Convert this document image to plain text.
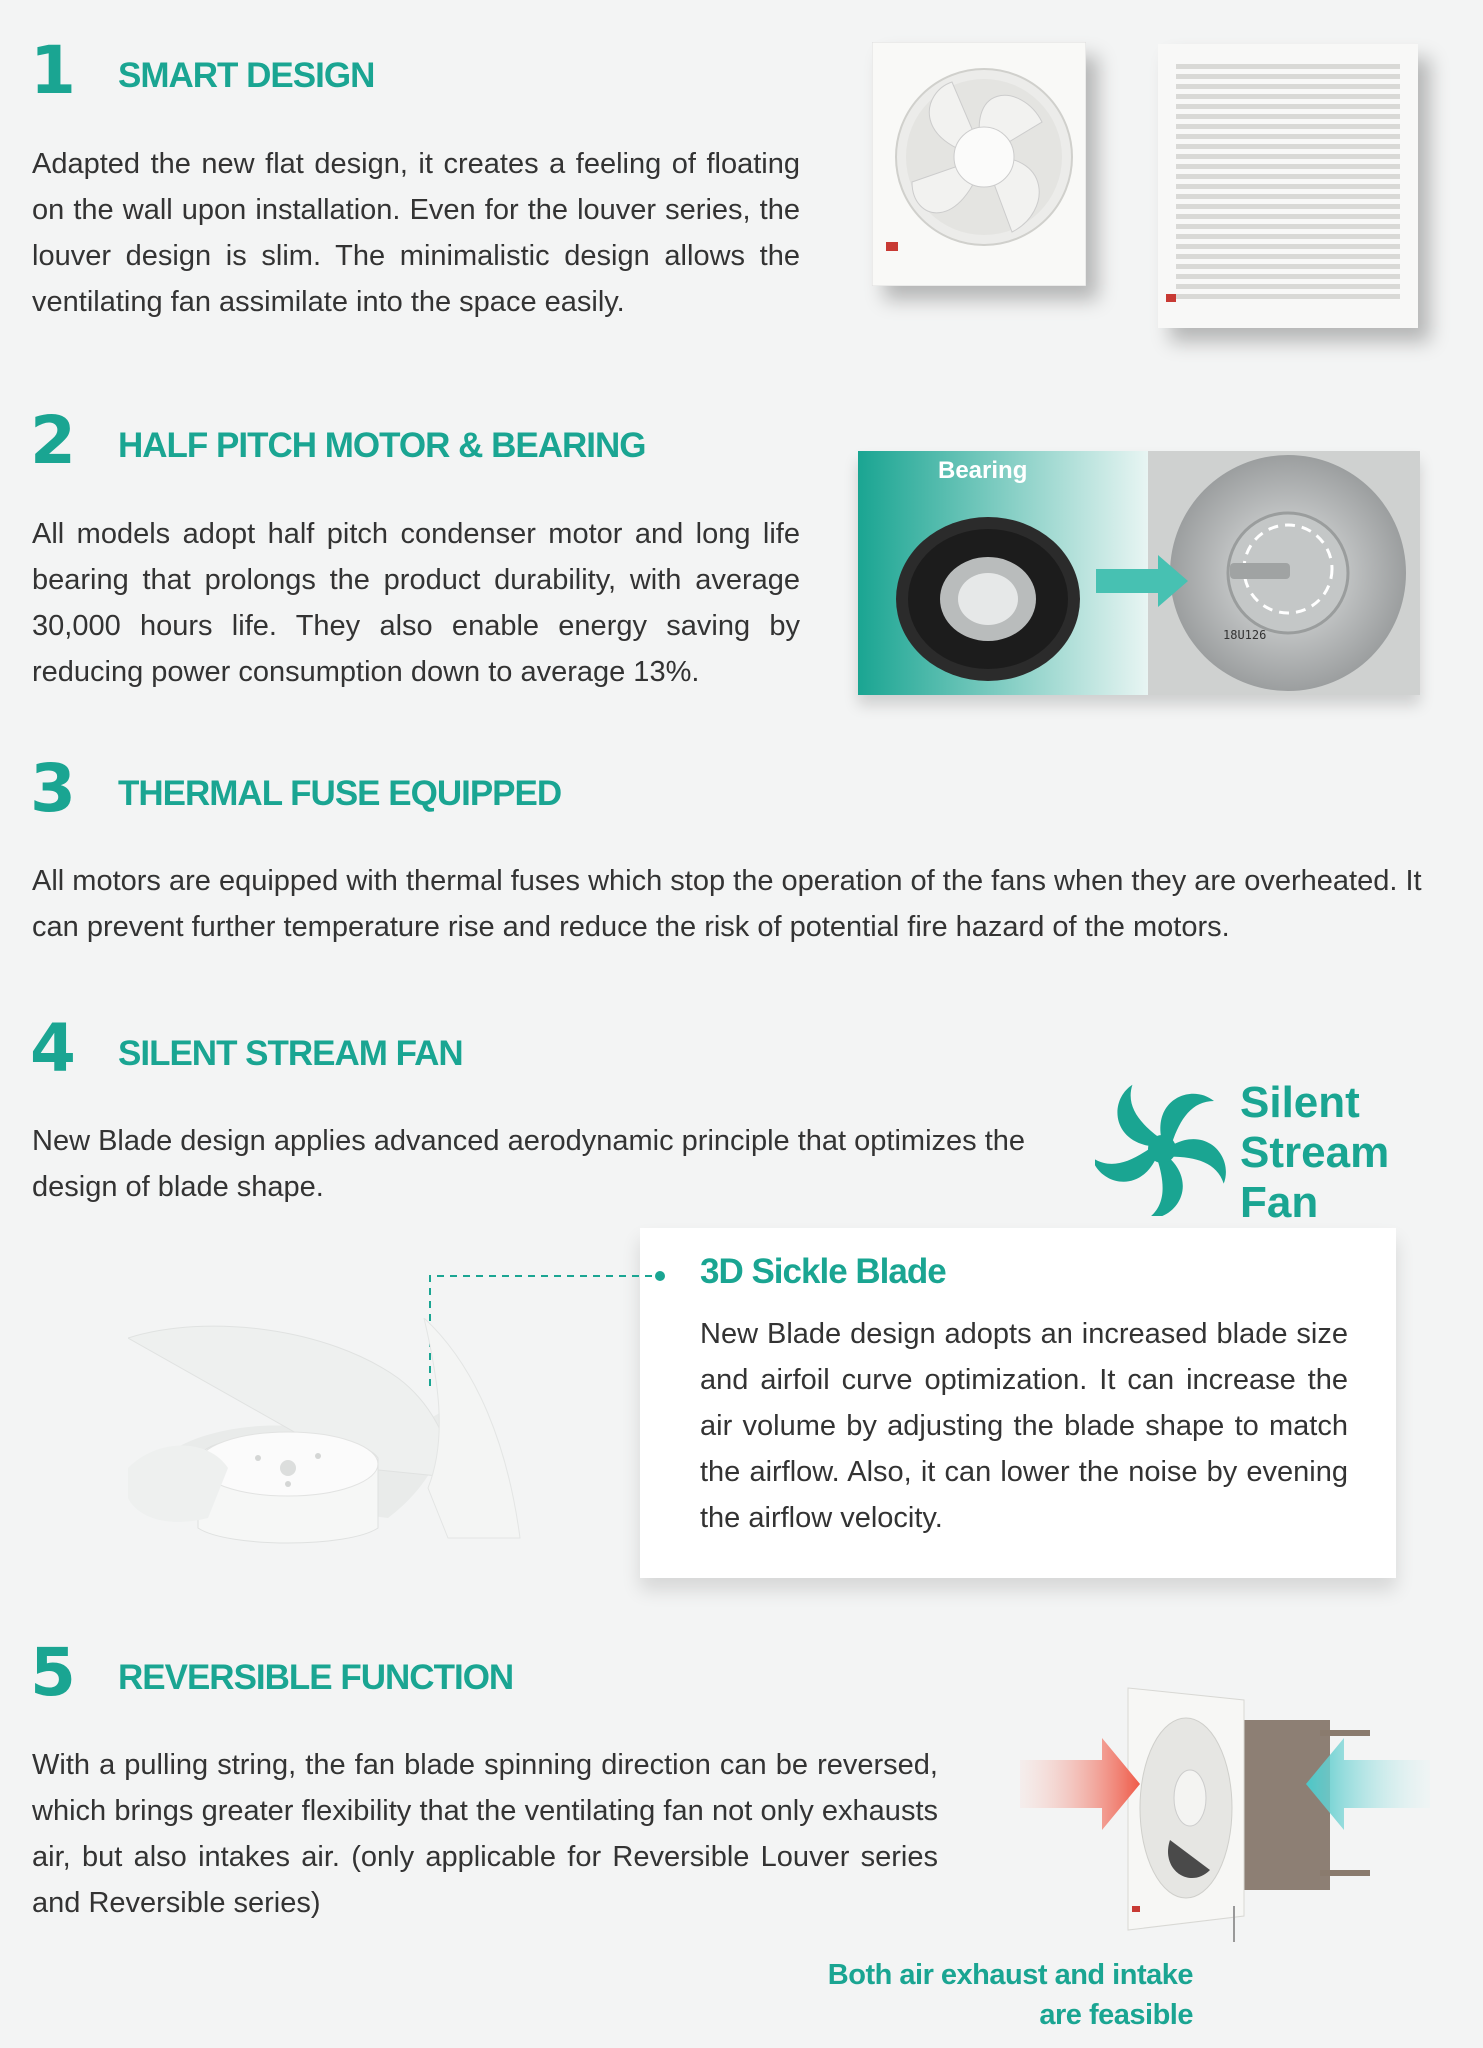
1 SMART DESIGN
Adapted the new flat design, it creates a feeling of floating on the wall upon installation. Even for the louver series, the louver design is slim. The minimalistic design allows the ventilating fan assimilate into the space easily.
2 HALF PITCH MOTOR & BEARING
All models adopt half pitch condenser motor and long life bearing that prolongs the product durability, with average 30,000 hours life. They also enable energy saving by reducing power consumption down to average 13%.
18U126
Bearing
3 THERMAL FUSE EQUIPPED
All motors are equipped with thermal fuses which stop the operation of the fans when they are overheated. It can prevent further temperature rise and reduce the risk of potential fire hazard of the motors.
4 SILENT STREAM FAN
New Blade design applies advanced aerodynamic principle that optimizes the design of blade shape.
Silent
Stream
Fan
3D Sickle Blade
New Blade design adopts an increased blade size and airfoil curve optimization. It can increase the air volume by adjusting the blade shape to match the airflow. Also, it can lower the noise by evening the airflow velocity.
5 REVERSIBLE FUNCTION
With a pulling string, the fan blade spinning direction can be reversed, which brings greater flexibility that the ventilating fan not only exhausts air, but also intakes air. (only applicable for Reversible Louver series and Reversible series)
Both air exhaust and intake
are feasible
